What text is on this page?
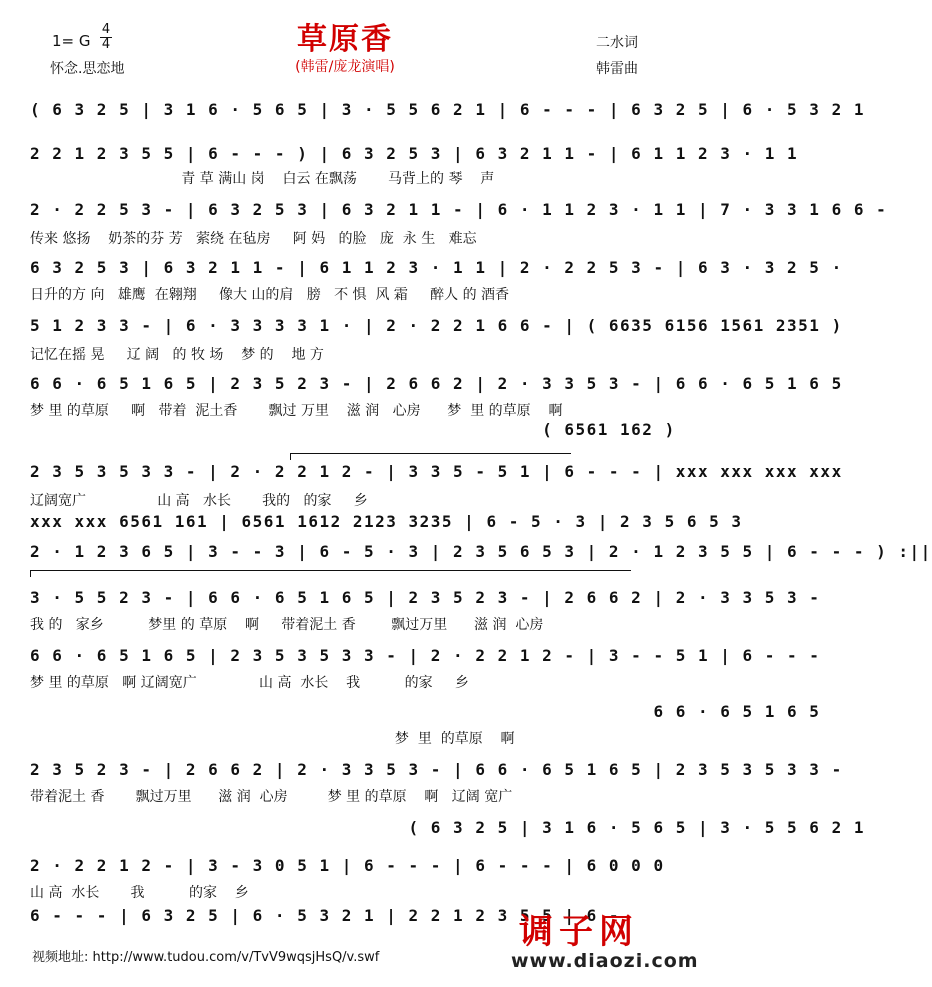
草原香
(韩雷/庞龙演唱)
1= G
4
4
怀念.思恋地
二水词
韩雷曲
( 6 3 2 5 | 3 1 6 · 5 6 5 | 3 · 5 5 6 2 1 | 6 - - - | 6 3 2 5 | 6 · 5 3 2 1
2 2 1 2 3 5 5 | 6 - - - ) | 6 3 2 5 3 | 6 3 2 1 1 - | 6 1 1 2 3 · 1 1
青 草 满山 岗    白云 在飘荡       马背上的 琴    声
2 · 2 2 5 3 - | 6 3 2 5 3 | 6 3 2 1 1 - | 6 · 1 1 2 3 · 1 1 | 7 · 3 3 1 6 6 -
传来 悠扬    奶茶的芬 芳   萦绕 在毡房     阿 妈   的脸   庞  永 生   难忘
6 3 2 5 3 | 6 3 2 1 1 - | 6 1 1 2 3 · 1 1 | 2 · 2 2 5 3 - | 6 3 · 3 2 5 ·
日升的方 向   雄鹰  在翱翔     像大 山的肩   膀   不 惧  风 霜     醉人 的 酒香
5 1 2 3 3 - | 6 · 3 3 3 3 1 · | 2 · 2 2 1 6 6 - | ( 6635 6156 1561 2351 )
记忆在摇 晃     辽 阔   的 牧 场    梦 的    地 方
6 6 · 6 5 1 6 5 | 2 3 5 2 3 - | 2 6 6 2 | 2 · 3 3 5 3 - | 6 6 · 6 5 1 6 5
梦 里 的草原     啊   带着  泥土香       飘过 万里    滋 润   心房      梦  里 的草原    啊
( 6561 162 )
2 3 5 3 5 3 3 - | 2 · 2 2 1 2 - | 3 3 5 - 5 1 | 6 - - - | xxx xxx xxx xxx
辽阔宽广                山 高   水长       我的   的家     乡
xxx xxx 6561 161 | 6561 1612 2123 3235 | 6 - 5 · 3 | 2 3 5 6 5 3
2 · 1 2 3 6 5 | 3 - - 3 | 6 - 5 · 3 | 2 3 5 6 5 3 | 2 · 1 2 3 5 5 | 6 - - - ) :||
3 · 5 5 2 3 - | 6 6 · 6 5 1 6 5 | 2 3 5 2 3 - | 2 6 6 2 | 2 · 3 3 5 3 -
我 的   家乡          梦里 的 草原    啊     带着泥土 香        飘过万里      滋 润  心房
6 6 · 6 5 1 6 5 | 2 3 5 3 5 3 3 - | 2 · 2 2 1 2 - | 3 - - 5 1 | 6 - - -
梦 里 的草原   啊 辽阔宽广              山 高  水长    我          的家     乡
6 6 · 6 5 1 6 5
梦  里  的草原    啊
2 3 5 2 3 - | 2 6 6 2 | 2 · 3 3 5 3 - | 6 6 · 6 5 1 6 5 | 2 3 5 3 5 3 3 -
带着泥土 香       飘过万里      滋 润  心房         梦 里 的草原    啊   辽阔 宽广
( 6 3 2 5 | 3 1 6 · 5 6 5 | 3 · 5 5 6 2 1
2 · 2 2 1 2 - | 3 - 3 0 5 1 | 6 - - - | 6 - - - | 6 0 0 0
山 高  水长       我          的家    乡
6 - - - | 6 3 2 5 | 6 · 5 3 2 1 | 2 2 1 2 3 5 5 | 6 -
视频地址: http://www.tudou.com/v/TvV9wqsjHsQ/v.swf
调子网
www.diaozi.com
